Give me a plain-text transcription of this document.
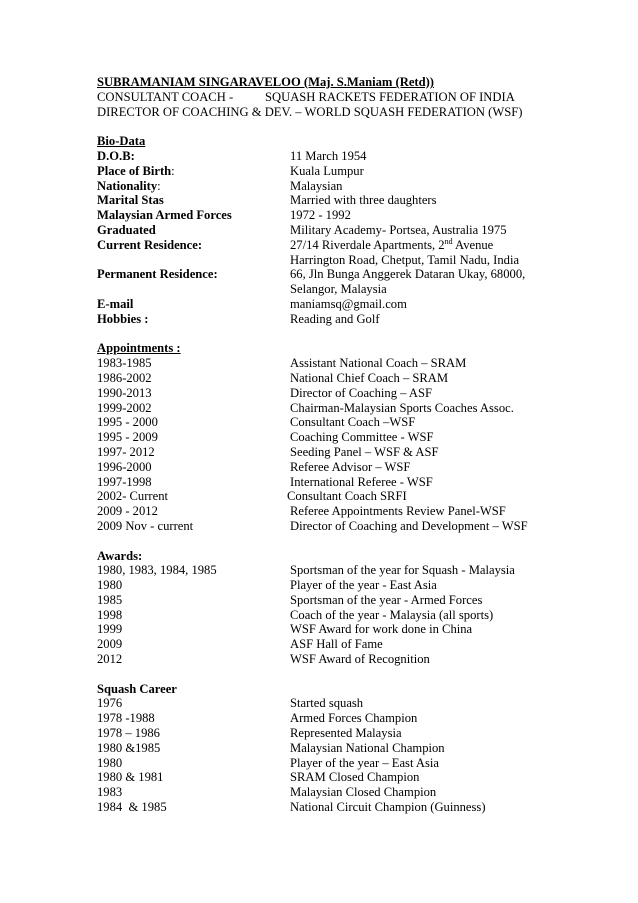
SUBRAMANIAM SINGARAVELOO (Maj. S.Maniam (Retd))
CONSULTANT COACH -	SQUASH RACKETS FEDERATION OF INDIA
DIRECTOR OF COACHING & DEV. – WORLD SQUASH FEDERATION (WSF)
Bio-Data
D.O.B:	11 March 1954
Place of Birth:	Kuala Lumpur
Nationality:	Malaysian
Marital Stas	Married with three daughters
Malaysian Armed Forces	1972 - 1992
Graduated	Military Academy- Portsea, Australia 1975
Current Residence:	27/14 Riverdale Apartments, 2nd Avenue
Harrington Road, Chetput, Tamil Nadu, India
Permanent Residence:	66, Jln Bunga Anggerek Dataran Ukay, 68000,
Selangor, Malaysia
E-mail	maniamsq@gmail.com
Hobbies :	Reading and Golf
Appointments :
1983-1985	Assistant National Coach – SRAM
1986-2002	National Chief Coach – SRAM
1990-2013	Director of Coaching – ASF
1999-2002	Chairman-Malaysian Sports Coaches Assoc.
1995 - 2000	Consultant Coach –WSF
1995 - 2009	Coaching Committee - WSF
1997- 2012	Seeding Panel – WSF & ASF
1996-2000	Referee Advisor – WSF
1997-1998	International Referee - WSF
2002- Current	Consultant Coach SRFI
2009 - 2012	Referee Appointments Review Panel-WSF
2009 Nov - current	Director of Coaching and Development – WSF
Awards:
1980, 1983, 1984, 1985	Sportsman of the year for Squash - Malaysia
1980	Player of the year - East Asia
1985	Sportsman of the year - Armed Forces
1998	Coach of the year - Malaysia (all sports)
1999	WSF Award for work done in China
2009	ASF Hall of Fame
2012	WSF Award of Recognition
Squash Career
1976	Started squash
1978 -1988	Armed Forces Champion
1978 – 1986	Represented Malaysia
1980 &1985	Malaysian National Champion
1980	Player of the year – East Asia
1980 & 1981	SRAM Closed Champion
1983	Malaysian Closed Champion
1984  & 1985	National Circuit Champion (Guinness)
